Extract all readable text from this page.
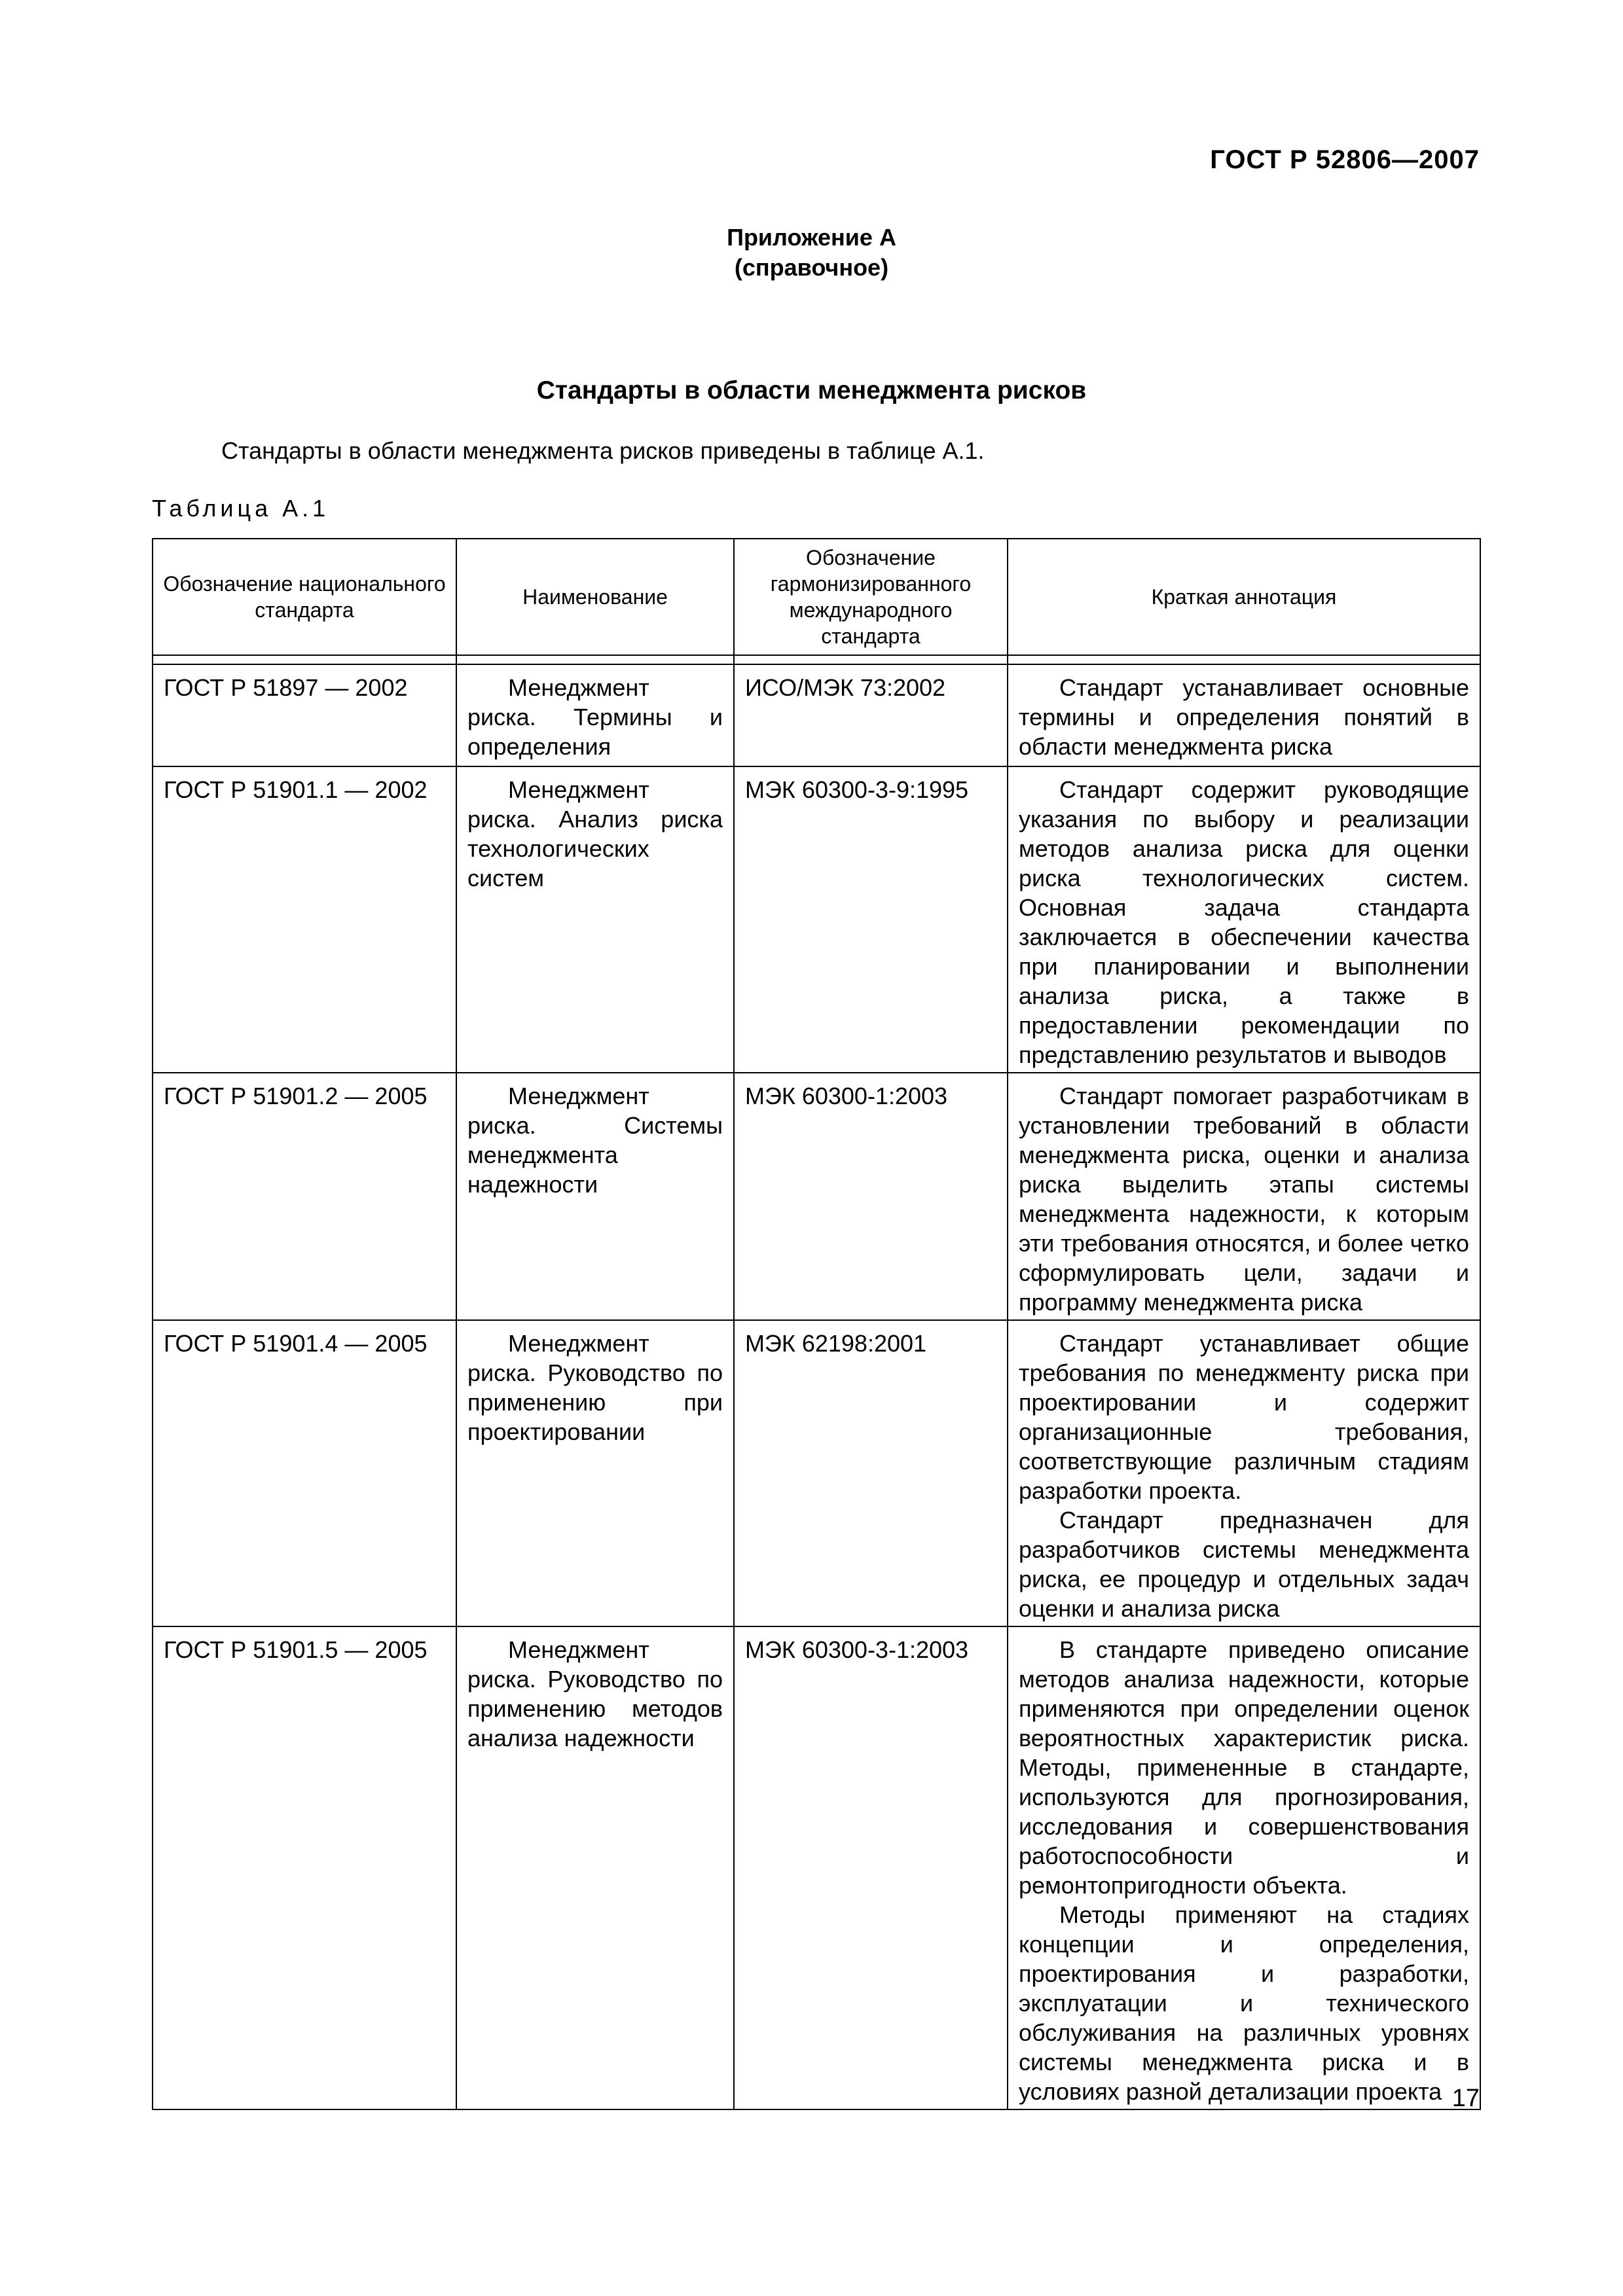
ГОСТ Р 52806—2007
Приложение А
(справочное)
Стандарты в области менеджмента рисков
Стандарты в области менеджмента рисков приведены в таблице А.1.
Таблица А.1
Обозначение национального стандарта	Наименование	Обозначение гармонизированного международного стандарта	Краткая аннотация

ГОСТ Р 51897 — 2002	Менеджмент риска. Термины и определения	ИСО/МЭК 73:2002	Стандарт устанавливает основные термины и определения понятий в области менеджмента риска

ГОСТ Р 51901.1 — 2002	Менеджмент риска. Анализ риска технологических систем	МЭК 60300-3-9:1995	Стандарт содержит руководящие указания по выбору и реализации методов анализа риска для оценки риска технологических систем. Основная задача стандарта заключается в обеспечении качества при планировании и выполнении анализа риска, а также в предоставлении рекомендации по представлению результатов и выводов

ГОСТ Р 51901.2 — 2005	Менеджмент риска. Системы менеджмента надежности	МЭК 60300-1:2003	Стандарт помогает разработчикам в установлении требований в области менеджмента риска, оценки и анализа риска выделить этапы системы менеджмента надежности, к которым эти требования относятся, и более четко сформулировать цели, задачи и программу менеджмента риска

ГОСТ Р 51901.4 — 2005	Менеджмент риска. Руководство по применению при проектировании	МЭК 62198:2001	Стандарт устанавливает общие требования по менеджменту риска при проектировании и содержит организационные требования, соответствующие различным стадиям разработки проекта.
Стандарт предназначен для разработчиков системы менеджмента риска, ее процедур и отдельных задач оценки и анализа риска

ГОСТ Р 51901.5 — 2005	Менеджмент риска. Руководство по применению методов анализа надежности	МЭК 60300-3-1:2003	В стандарте приведено описание методов анализа надежности, которые применяются при определении оценок вероятностных характеристик риска. Методы, примененные в стандарте, используются для прогнозирования, исследования и совершенствования работоспособности и ремонтопригодности объекта.
Методы применяют на стадиях концепции и определения, проектирования и разработки, эксплуатации и технического обслуживания на различных уровнях системы менеджмента риска и в условиях разной детализации проекта 17
